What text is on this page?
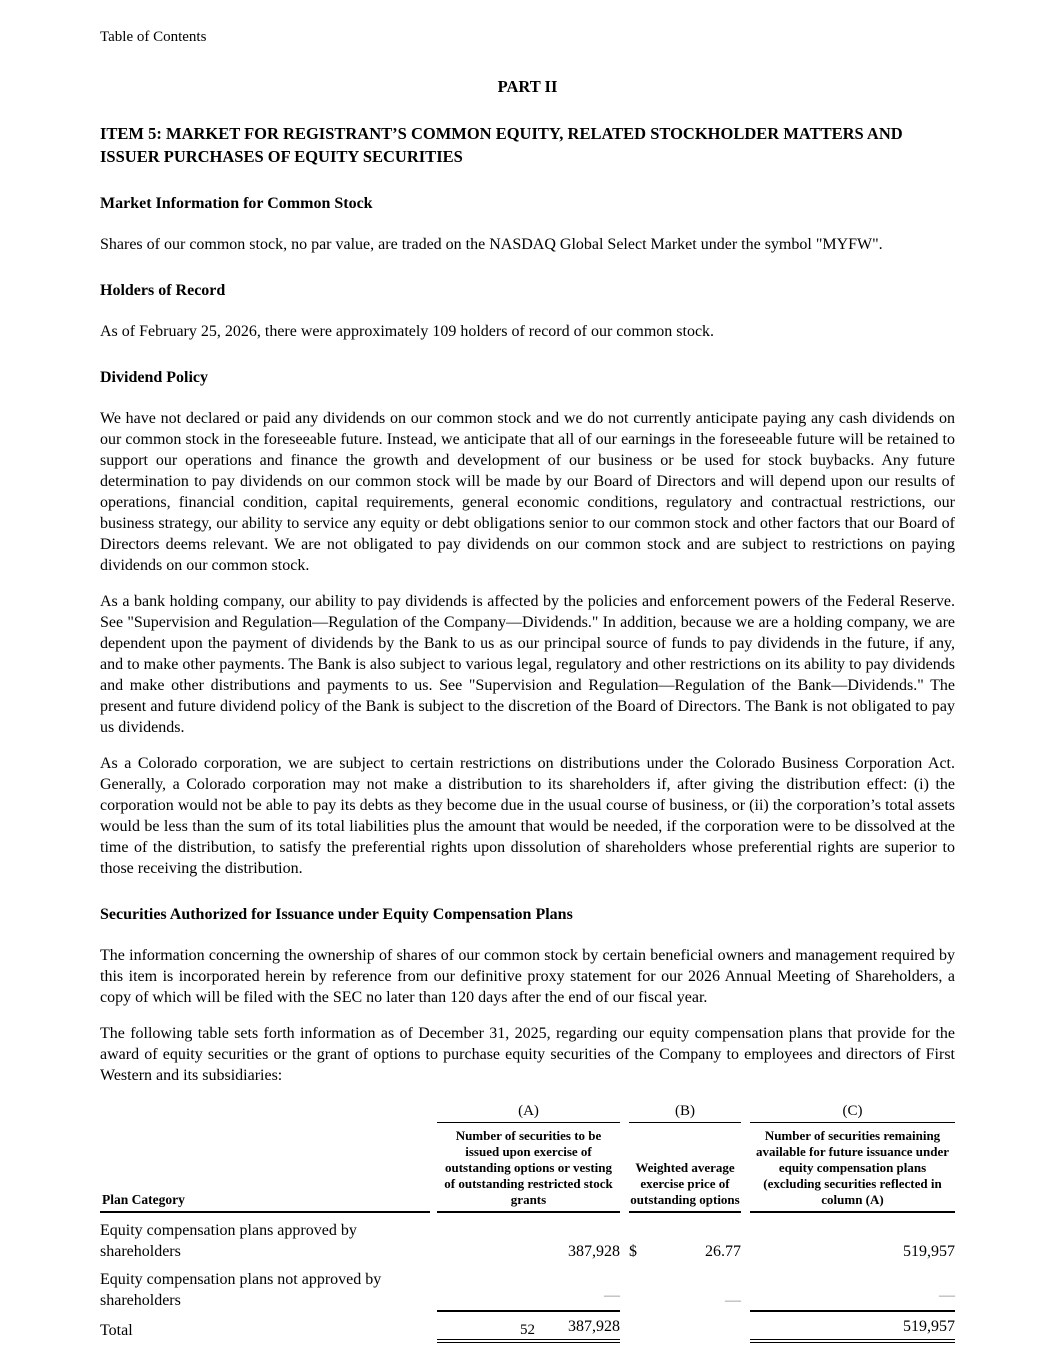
Table of Contents
PART II
ITEM 5: MARKET FOR REGISTRANT’S COMMON EQUITY, RELATED STOCKHOLDER MATTERS AND ISSUER PURCHASES OF EQUITY SECURITIES
Market Information for Common Stock

Shares of our common stock, no par value, are traded on the NASDAQ Global Select Market under the symbol "MYFW".

Holders of Record

As of February 25, 2026, there were approximately 109 holders of record of our common stock.

Dividend Policy

We have not declared or paid any dividends on our common stock and we do not currently anticipate paying any cash dividends on our common stock in the foreseeable future. Instead, we anticipate that all of our earnings in the foreseeable future will be retained to support our operations and finance the growth and development of our business or be used for stock buybacks. Any future determination to pay dividends on our common stock will be made by our Board of Directors and will depend upon our results of operations, financial condition, capital requirements, general economic conditions, regulatory and contractual restrictions, our business strategy, our ability to service any equity or debt obligations senior to our common stock and other factors that our Board of Directors deems relevant. We are not obligated to pay dividends on our common stock and are subject to restrictions on paying dividends on our common stock.

As a bank holding company, our ability to pay dividends is affected by the policies and enforcement powers of the Federal Reserve. See "Supervision and Regulation—Regulation of the Company—Dividends." In addition, because we are a holding company, we are dependent upon the payment of dividends by the Bank to us as our principal source of funds to pay dividends in the future, if any, and to make other payments. The Bank is also subject to various legal, regulatory and other restrictions on its ability to pay dividends and make other distributions and payments to us. See "Supervision and Regulation—Regulation of the Bank—Dividends." The present and future dividend policy of the Bank is subject to the discretion of the Board of Directors. The Bank is not obligated to pay us dividends.

As a Colorado corporation, we are subject to certain restrictions on distributions under the Colorado Business Corporation Act. Generally, a Colorado corporation may not make a distribution to its shareholders if, after giving the distribution effect: (i) the corporation would not be able to pay its debts as they become due in the usual course of business, or (ii) the corporation’s total assets would be less than the sum of its total liabilities plus the amount that would be needed, if the corporation were to be dissolved at the time of the distribution, to satisfy the preferential rights upon dissolution of shareholders whose preferential rights are superior to those receiving the distribution.

Securities Authorized for Issuance under Equity Compensation Plans

The information concerning the ownership of shares of our common stock by certain beneficial owners and management required by this item is incorporated herein by reference from our definitive proxy statement for our 2026 Annual Meeting of Shareholders, a copy of which will be filed with the SEC no later than 120 days after the end of our fiscal year.

The following table sets forth information as of December 31, 2025, regarding our equity compensation plans that provide for the award of equity securities or the grant of options to purchase equity securities of the Company to employees and directors of First Western and its subsidiaries:

		(A)		(B)		(C)
Plan Category		Number of securities to be issued upon exercise of outstanding options or vesting of outstanding restricted stock grants		Weighted average exercise price of outstanding options		Number of securities remaining available for future issuance under equity compensation plans (excluding securities reflected in column (A)
Equity compensation plans approved by shareholders		387,928		$ 26.77		519,957
Equity compensation plans not approved by shareholders		—		—		—
Total		387,928				519,957
52
